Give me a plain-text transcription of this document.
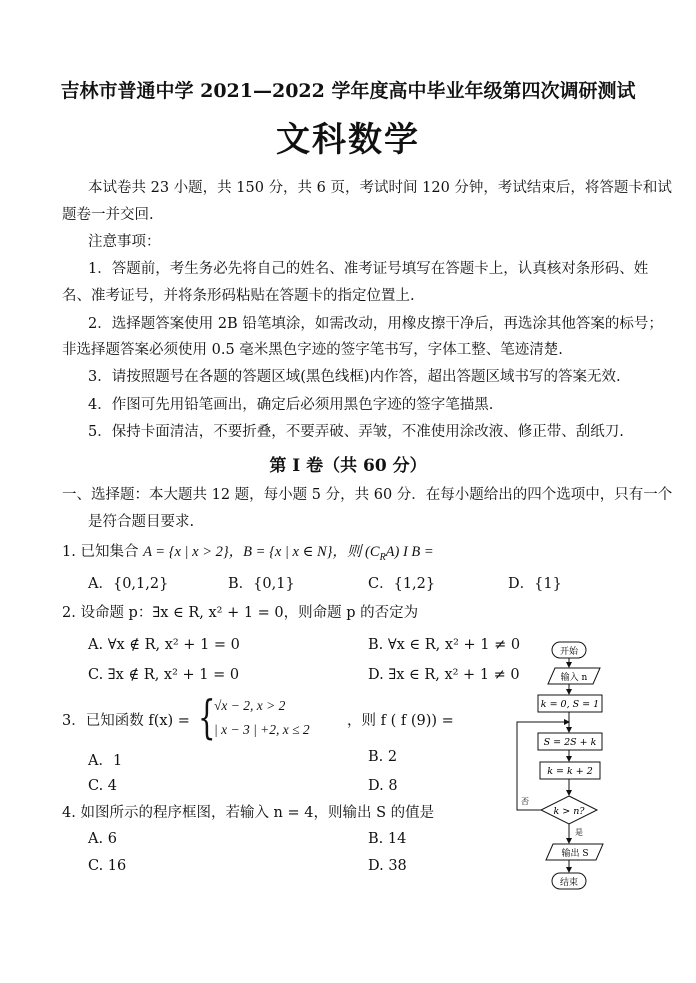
吉林市普通中学 2021—2022 学年度高中毕业年级第四次调研测试
文科数学
本试卷共 23 小题，共 150 分，共 6 页，考试时间 120 分钟，考试结束后，将答题卡和试
题卷一并交回.
注意事项：
1．答题前，考生务必先将自己的姓名、准考证号填写在答题卡上，认真核对条形码、姓
名、准考证号，并将条形码粘贴在答题卡的指定位置上.
2．选择题答案使用 2B 铅笔填涂，如需改动，用橡皮擦干净后，再选涂其他答案的标号；
非选择题答案必须使用 0.5 毫米黑色字迹的签字笔书写，字体工整、笔迹清楚.
3．请按照题号在各题的答题区域(黑色线框)内作答，超出答题区域书写的答案无效.
4．作图可先用铅笔画出，确定后必须用黑色字迹的签字笔描黑.
5．保持卡面清洁，不要折叠，不要弄破、弄皱，不准使用涂改液、修正带、刮纸刀.
第 I 卷（共 60 分）
一、选择题：本大题共 12 题，每小题 5 分，共 60 分．在每小题给出的四个选项中，只有一个
是符合题目要求.
1. 已知集合 A = {x | x > 2}，B = {x | x ∈ N}，则 $(C_RA)$ I B =
A．{0,1,2}	B．{0,1}	C．{1,2}	D．{1}
2. 设命题 p：∃x ∈ R, x² + 1 = 0，则命题 p 的否定为
A. ∀x ∉ R, x² + 1 = 0	B. ∀x ∈ R, x² + 1 ≠ 0
C. ∃x ∉ R, x² + 1 = 0	D. ∃x ∈ R, x² + 1 ≠ 0
3．已知函数 f(x) = {
√x − 2, x > 2
| x − 3 | +2, x ≤ 2
，则 f ( f (9)) =
A．1	B. 2
C. 4	D. 8
4. 如图所示的程序框图，若输入 n = 4，则输出 S 的值是
A. 6	B. 14
C. 16	D. 38
开始
输入 n
k = 0, S = 1
S = 2S + k
k = k + 2
k > n?
否
是
输出 S
结束
